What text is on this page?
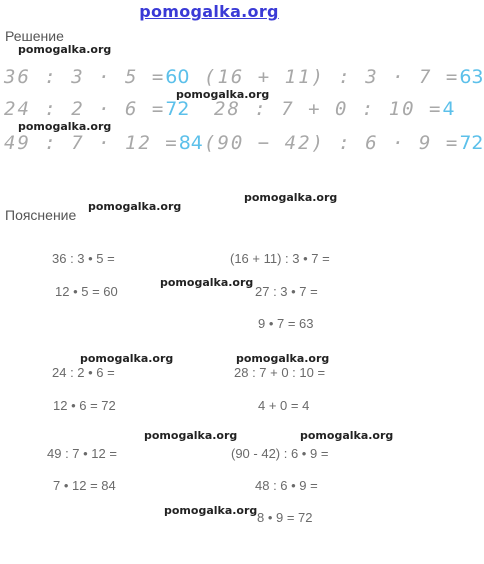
pomogalka.org
Решение
36 : 3 · 5 =60 (16 + 11) : 3 · 7 =63
24 : 2 · 6 =72 28 : 7 + 0 : 10 =4
49 : 7 · 12 =84 (90 − 42) : 6 · 9 =72
Пояснение
36 : 3 • 5 =
12 • 5 = 60
(16 + 11) : 3 • 7 =
27 : 3 • 7 =
9 • 7 = 63
24 : 2 • 6 =
12 • 6 = 72
28 : 7 + 0 : 10 =
4 + 0 = 4
49 : 7 • 12 =
7 • 12 = 84
(90 - 42) : 6 • 9 =
48 : 6 • 9 =
8 • 9 = 72
pomogalka.org
pomogalka.org
pomogalka.org
pomogalka.org
pomogalka.org
pomogalka.org
pomogalka.org	pomogalka.org
pomogalka.org	pomogalka.org
pomogalka.org
